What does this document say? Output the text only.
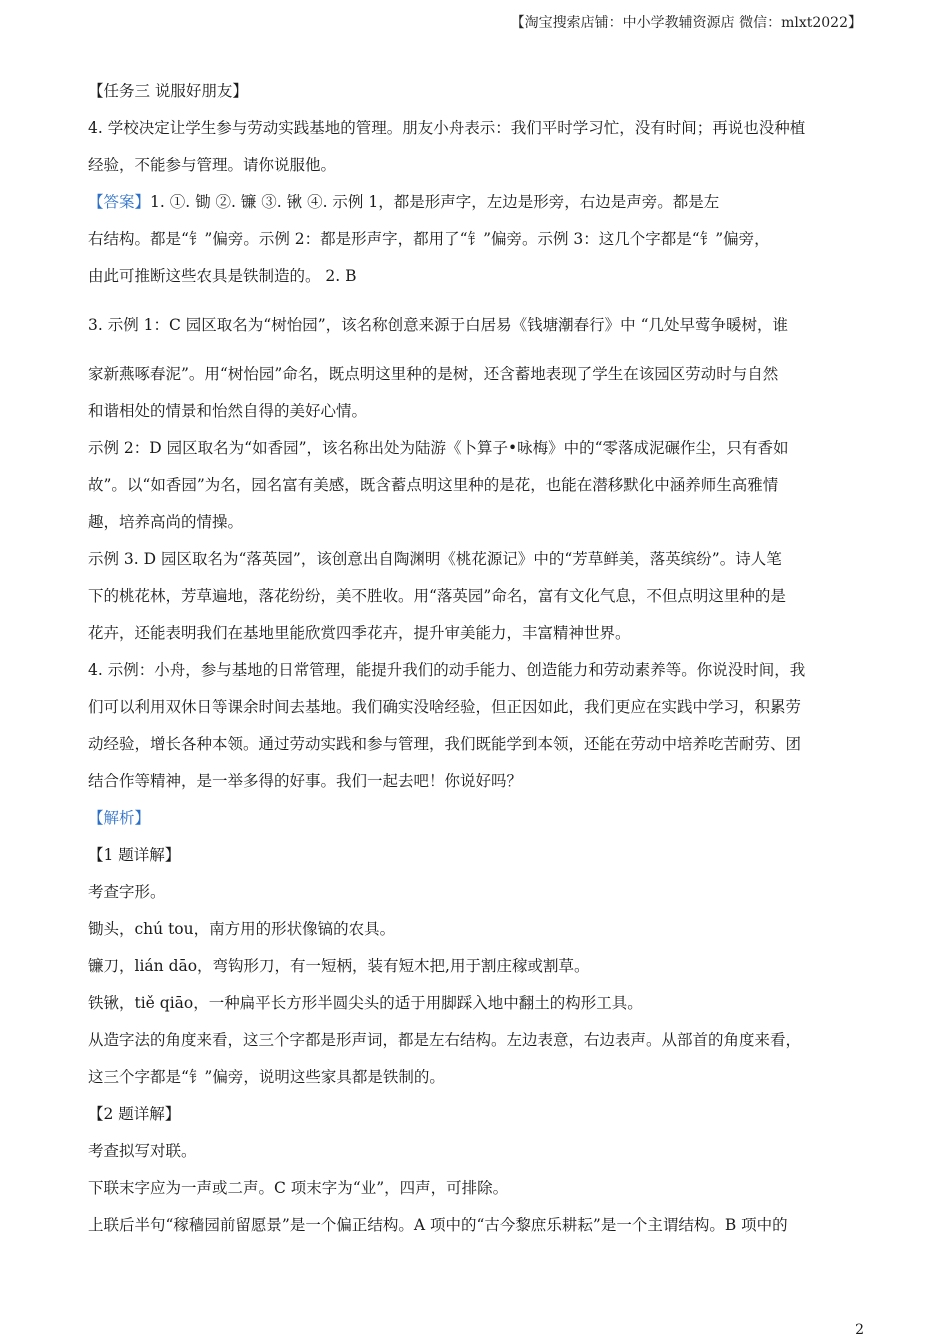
【淘宝搜索店铺：中小学教辅资源店 微信：mlxt2022】
【任务三 说服好朋友】
4. 学校决定让学生参与劳动实践基地的管理。朋友小舟表示：我们平时学习忙，没有时间；再说也没种植
经验，不能参与管理。请你说服他。
【答案】1. ①. 锄 ②. 镰 ③. 锹 ④. 示例 1，都是形声字，左边是形旁，右边是声旁。都是左
右结构。都是“钅”偏旁。示例 2：都是形声字，都用了“钅”偏旁。示例 3：这几个字都是“钅”偏旁，
由此可推断这些农具是铁制造的。 2. B
3. 示例 1：C 园区取名为“树怡园”，该名称创意来源于白居易《钱塘潮春行》中 “几处早莺争暖树，谁
家新燕啄春泥”。用“树怡园”命名，既点明这里种的是树，还含蓄地表现了学生在该园区劳动时与自然
和谐相处的情景和怡然自得的美好心情。
示例 2：D 园区取名为“如香园”，该名称出处为陆游《卜算子•咏梅》中的“零落成泥碾作尘，只有香如
故”。以“如香园”为名，园名富有美感，既含蓄点明这里种的是花，也能在潜移默化中涵养师生高雅情
趣，培养高尚的情操。
示例 3. D 园区取名为“落英园”，该创意出自陶渊明《桃花源记》中的“芳草鲜美，落英缤纷”。诗人笔
下的桃花林，芳草遍地，落花纷纷，美不胜收。用“落英园”命名，富有文化气息，不但点明这里种的是
花卉，还能表明我们在基地里能欣赏四季花卉，提升审美能力，丰富精神世界。
4. 示例：小舟，参与基地的日常管理，能提升我们的动手能力、创造能力和劳动素养等。你说没时间，我
们可以利用双休日等课余时间去基地。我们确实没啥经验，但正因如此，我们更应在实践中学习，积累劳
动经验，增长各种本领。通过劳动实践和参与管理，我们既能学到本领，还能在劳动中培养吃苦耐劳、团
结合作等精神，是一举多得的好事。我们一起去吧！你说好吗？
【解析】
【1 题详解】
考查字形。
锄头，chú tou，南方用的形状像镐的农具。
镰刀，lián dāo，弯钩形刀，有一短柄，装有短木把,用于割庄稼或割草。
铁锹，tiě qiāo，一种扁平长方形半圆尖头的适于用脚踩入地中翻土的构形工具。
从造字法的角度来看，这三个字都是形声词，都是左右结构。左边表意，右边表声。从部首的角度来看，
这三个字都是“钅”偏旁，说明这些家具都是铁制的。
【2 题详解】
考查拟写对联。
下联末字应为一声或二声。C 项末字为“业”，四声，可排除。
上联后半句“稼穑园前留愿景”是一个偏正结构。A 项中的“古今黎庶乐耕耘”是一个主谓结构。B 项中的
2
